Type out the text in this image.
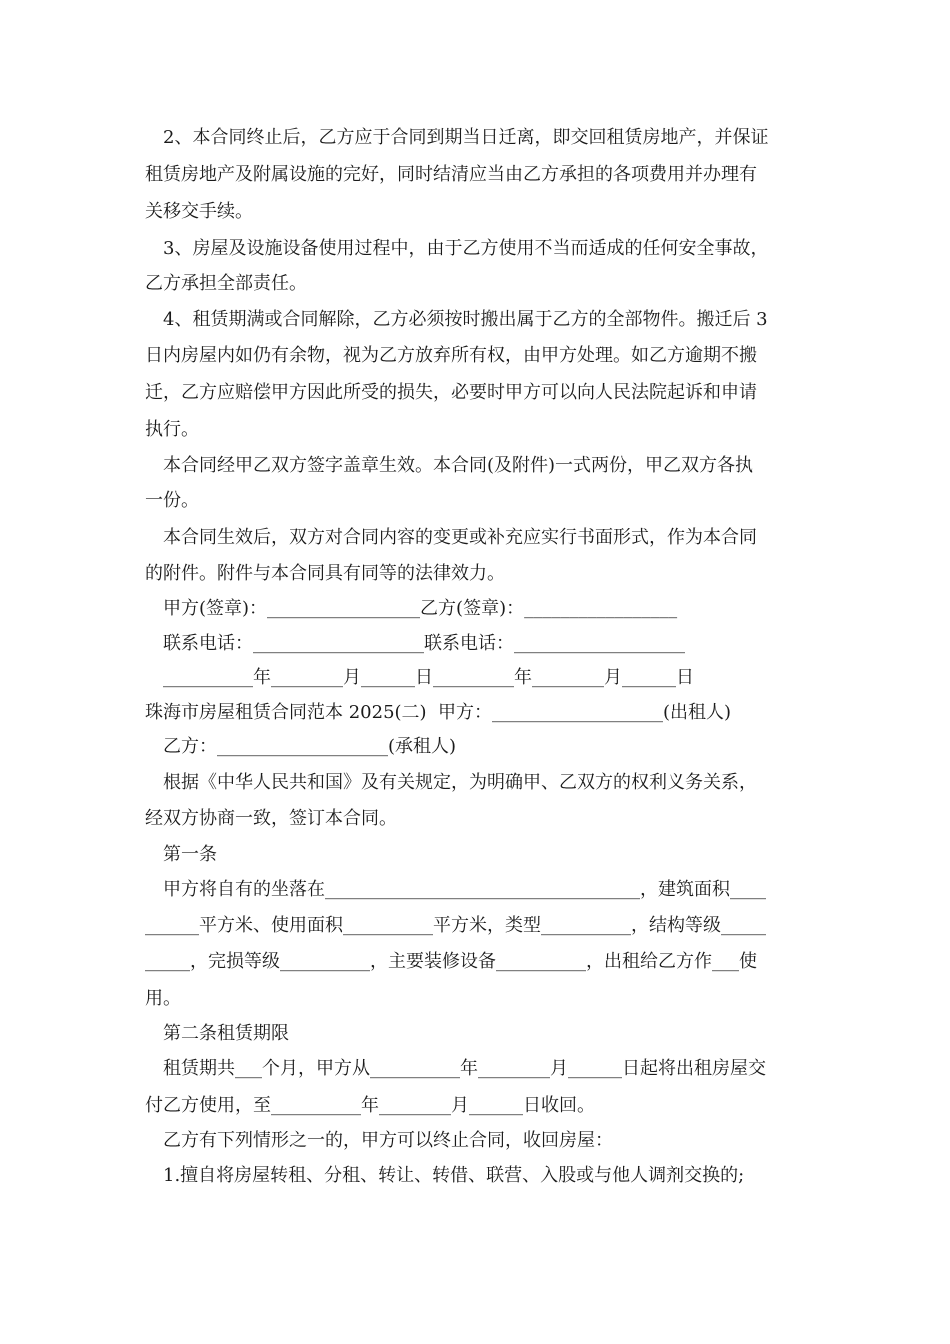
2、本合同终止后，乙方应于合同到期当日迁离，即交回租赁房地产，并保证
租赁房地产及附属设施的完好，同时结清应当由乙方承担的各项费用并办理有
关移交手续。
3、房屋及设施设备使用过程中，由于乙方使用不当而适成的任何安全事故，
乙方承担全部责任。
4、租赁期满或合同解除，乙方必须按时搬出属于乙方的全部物件。搬迁后 3
日内房屋内如仍有余物，视为乙方放弃所有权，由甲方处理。如乙方逾期不搬
迁，乙方应赔偿甲方因此所受的损失，必要时甲方可以向人民法院起诉和申请
执行。
本合同经甲乙双方签字盖章生效。本合同(及附件)一式两份，甲乙双方各执
一份。
本合同生效后，双方对合同内容的变更或补充应实行书面形式，作为本合同
的附件。附件与本合同具有同等的法律效力。
甲方(签章)：_________________乙方(签章)：_________________
联系电话：___________________联系电话：___________________
__________年________月______日_________年________月______日
珠海市房屋租赁合同范本 2025(二)  甲方：___________________(出租人)
乙方：___________________(承租人)
根据《中华人民共和国》及有关规定，为明确甲、乙双方的权利义务关系，
经双方协商一致，签订本合同。
第一条
甲方将自有的坐落在___________________________________，建筑面积____
______平方米、使用面积__________平方米，类型__________，结构等级_____
_____，完损等级__________，主要装修设备__________，出租给乙方作___使
用。
第二条租赁期限
租赁期共___个月，甲方从__________年________月______日起将出租房屋交
付乙方使用，至__________年________月______日收回。
乙方有下列情形之一的，甲方可以终止合同，收回房屋：
1.擅自将房屋转租、分租、转让、转借、联营、入股或与他人调剂交换的;
